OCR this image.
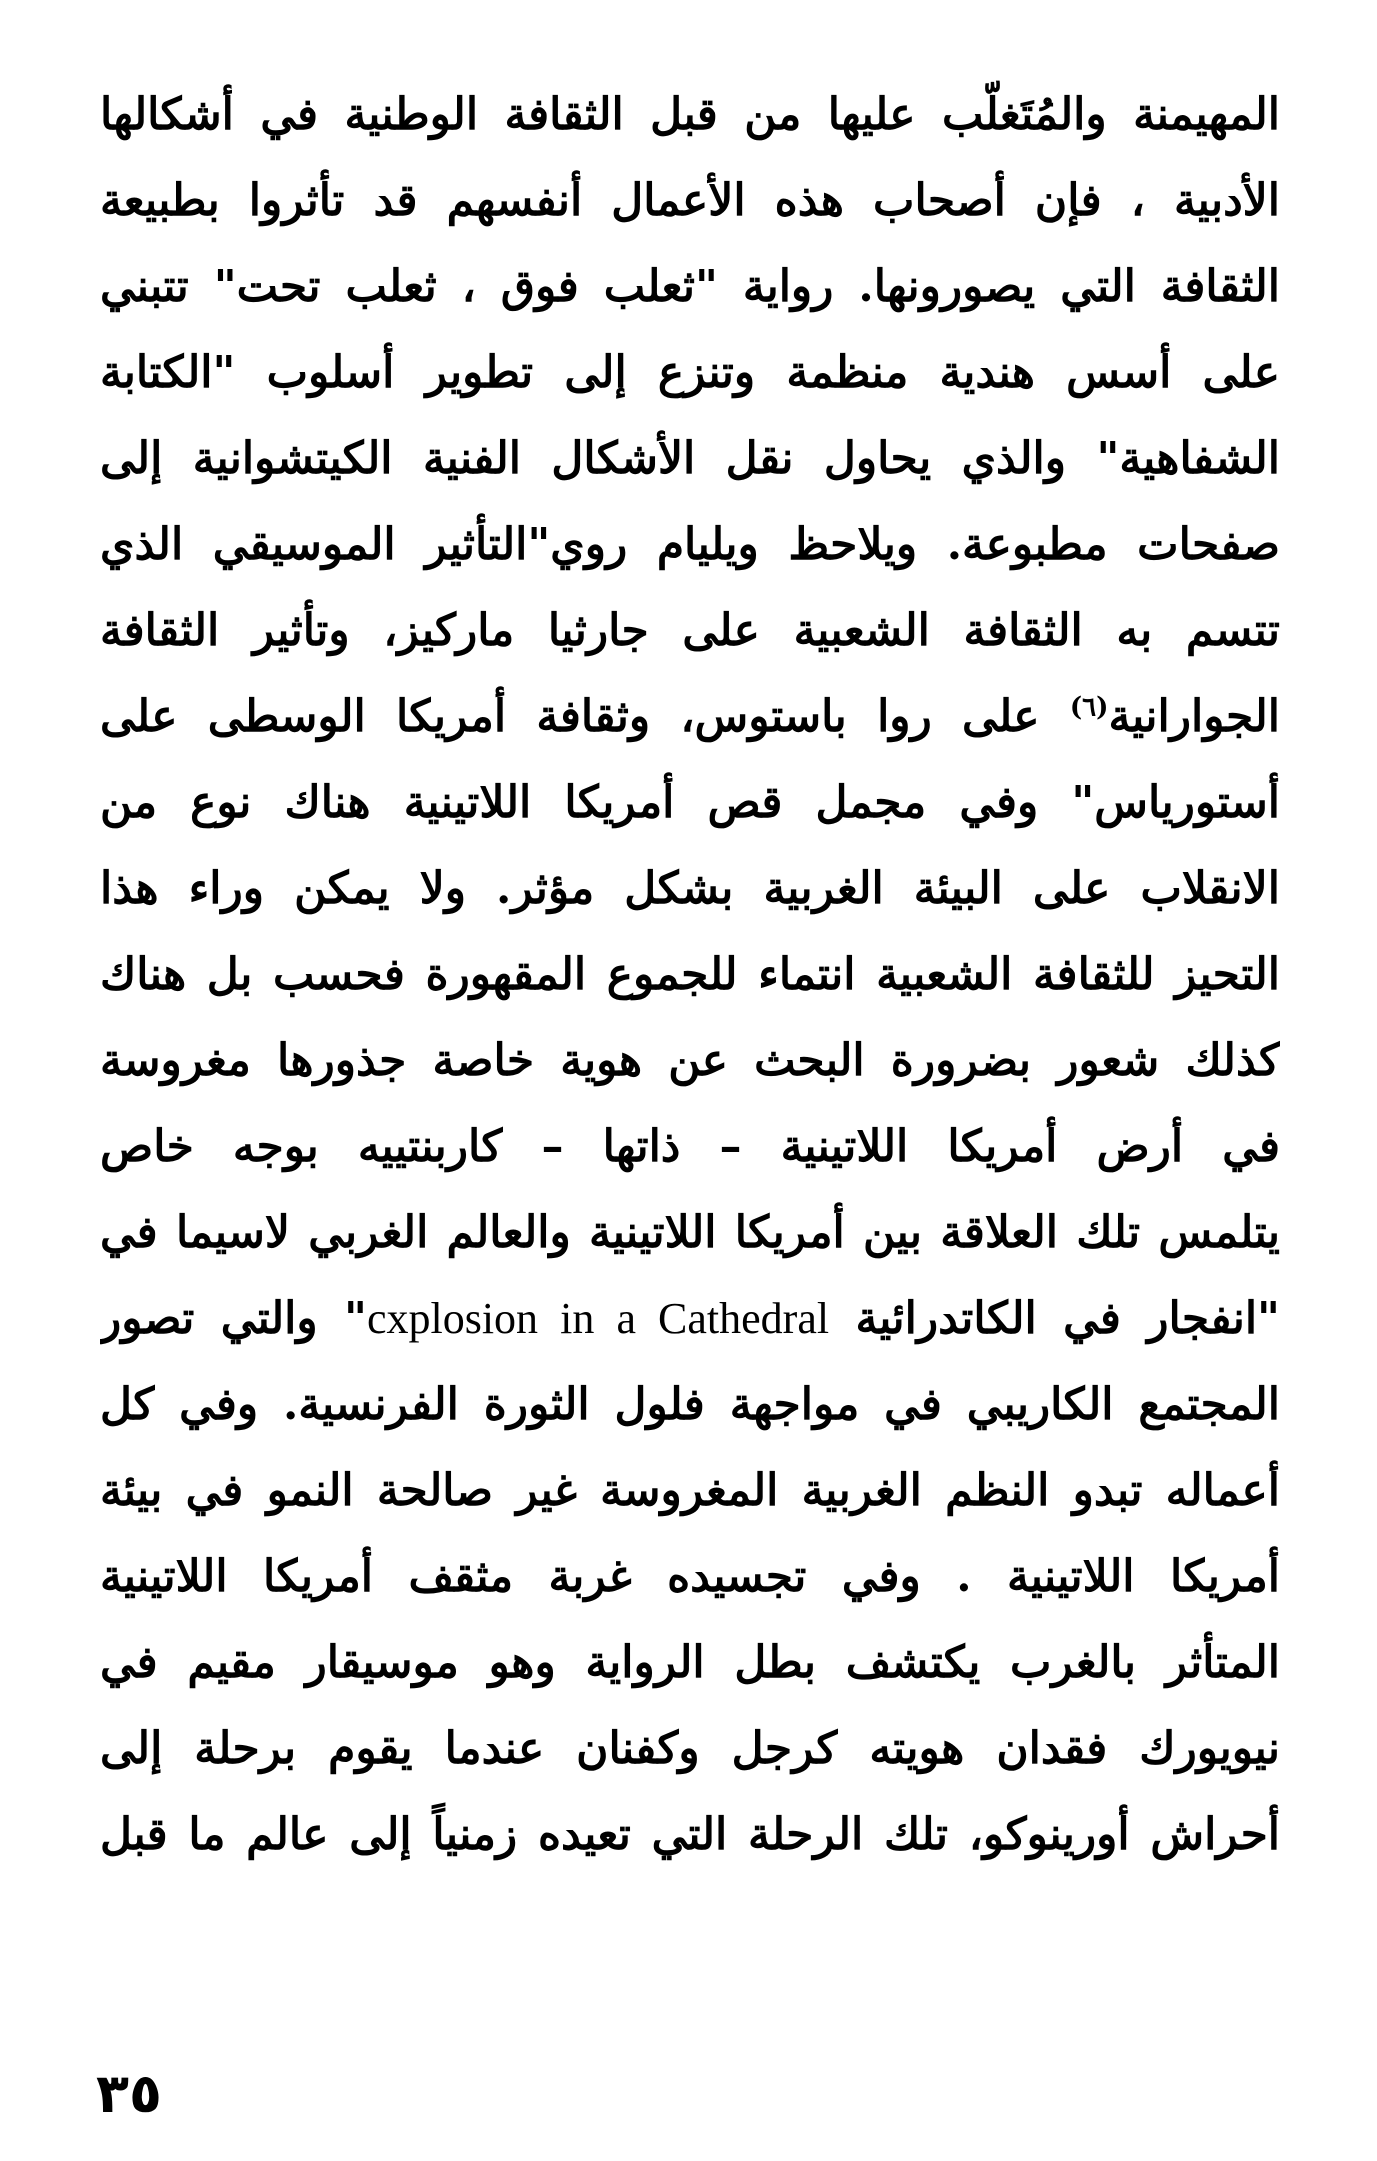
المهيمنة والمُتَغلّب عليها من قبل الثقافة الوطنية في أشكالها
الأدبية ، فإن أصحاب هذه الأعمال أنفسهم قد تأثروا بطبيعة
الثقافة التي يصورونها. رواية "ثعلب فوق ، ثعلب تحت" تتبني
على أسس هندية منظمة وتنزع إلى تطوير أسلوب "الكتابة
الشفاهية" والذي يحاول نقل الأشكال الفنية الكيتشوانية إلى
صفحات مطبوعة. ويلاحظ ويليام روي"التأثير الموسيقي الذي
تتسم به الثقافة الشعبية على جارثيا ماركيز، وتأثير الثقافة
الجوارانية$^{(٦)}$ على روا باستوس، وثقافة أمريكا الوسطى على
أستورياس" وفي مجمل قص أمريكا اللاتينية هناك نوع من
الانقلاب على البيئة الغربية بشكل مؤثر. ولا يمكن وراء هذا
التحيز للثقافة الشعبية انتماء للجموع المقهورة فحسب بل هناك
كذلك شعور بضرورة البحث عن هوية خاصة جذورها مغروسة
في أرض أمريكا اللاتينية – ذاتها – كاربنتييه بوجه خاص
يتلمس تلك العلاقة بين أمريكا اللاتينية والعالم الغربي لاسيما في
"انفجار في الكاتدرائية cxplosion in a Cathedral" والتي تصور
المجتمع الكاريبي في مواجهة فلول الثورة الفرنسية. وفي كل
أعماله تبدو النظم الغربية المغروسة غير صالحة النمو في بيئة
أمريكا اللاتينية . وفي تجسيده غربة مثقف أمريكا اللاتينية
المتأثر بالغرب يكتشف بطل الرواية وهو موسيقار مقيم في
نيويورك فقدان هويته كرجل وكفنان عندما يقوم برحلة إلى
أحراش أورينوكو، تلك الرحلة التي تعيده زمنياً إلى عالم ما قبل
٣٥
